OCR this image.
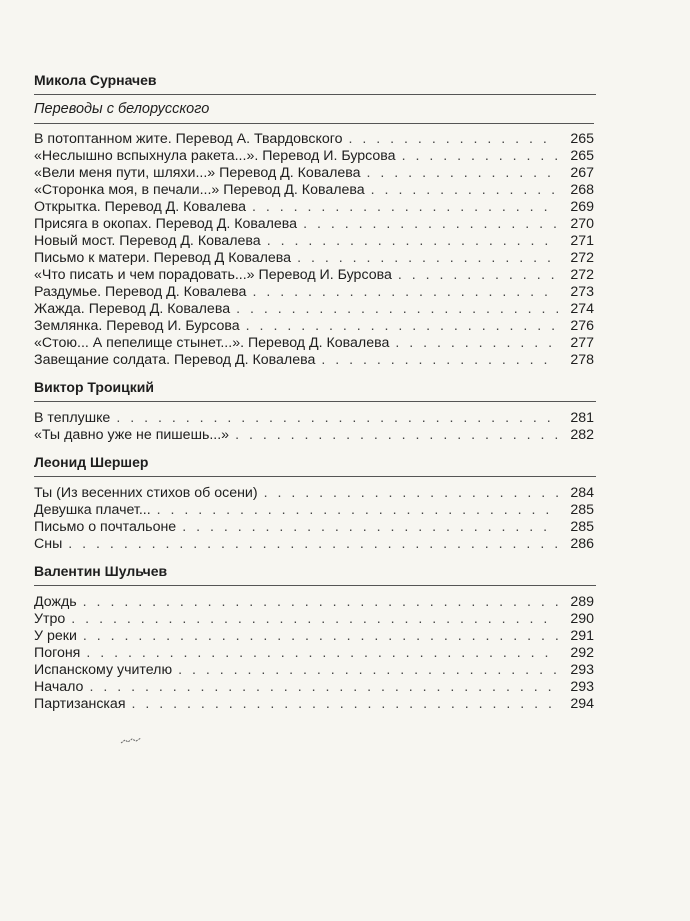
Микола Сурначев
Переводы с белорусского
В потоптанном жите. Перевод А. Твардовского . . .	265
«Неслышно вспыхнула ракета...». Перевод И. Бурсова . . .	265
«Вели меня пути, шляхи...» Перевод Д. Ковалева . . .	267
«Сторонка моя, в печали...» Перевод Д. Ковалева . . .	268
Открытка. Перевод Д. Ковалева . . .	269
Присяга в окопах. Перевод Д. Ковалева . . .	270
Новый мост. Перевод Д. Ковалева . . .	271
Письмо к матери. Перевод Д Ковалева . . .	272
«Что писать и чем порадовать...» Перевод И. Бурсова . . .	272
Раздумье. Перевод Д. Ковалева . . .	273
Жажда. Перевод Д. Ковалева . . .	274
Землянка. Перевод И. Бурсова . . .	276
«Стою... А пепелище стынет...». Перевод Д. Ковалева . . .	277
Завещание солдата. Перевод Д. Ковалева . . .	278
Виктор Троицкий
В теплушке . . .	281
«Ты давно уже не пишешь...» . . .	282
Леонид Шершер
Ты (Из весенних стихов об осени) . . .	284
Девушка плачет... . . .	285
Письмо о почтальоне . . .	285
Сны . . .	286
Валентин Шульчев
Дождь . . .	289
Утро . . .	290
У реки . . .	291
Погоня . . .	292
Испанскому учителю . . .	293
Начало . . .	293
Партизанская . . .	294
